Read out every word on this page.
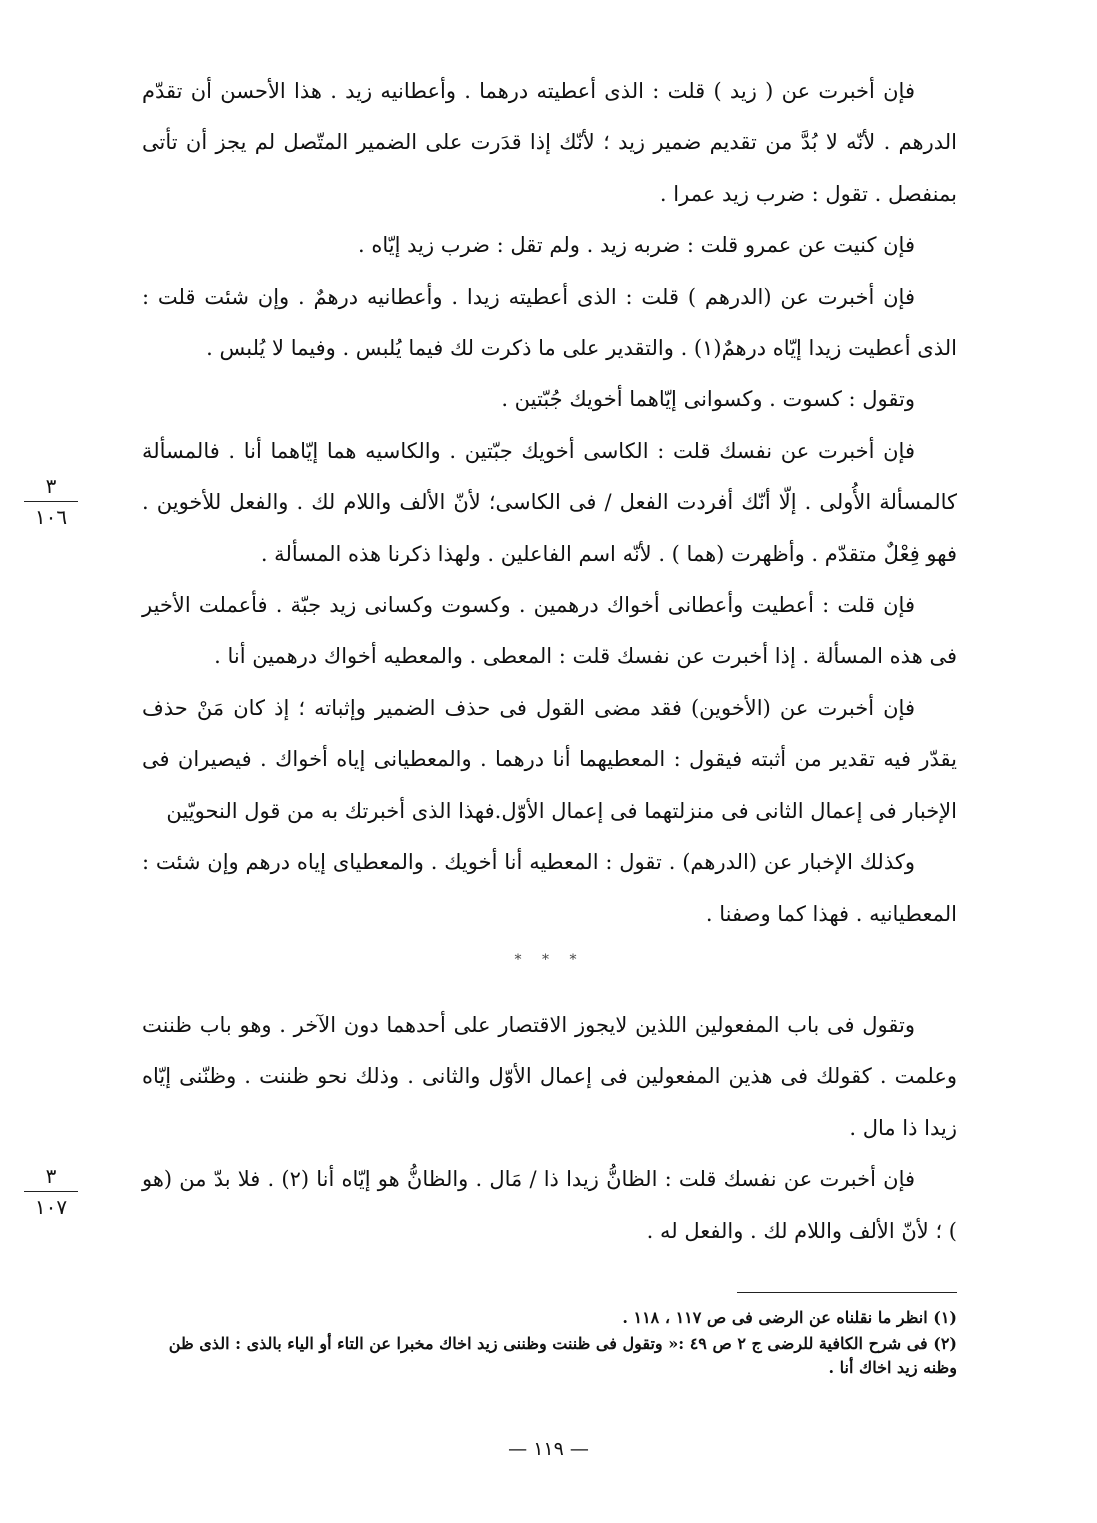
فإن أخبرت عن ( زيد ) قلت : الذى أعطيته درهما . وأعطانيه زيد . هذا الأحسن أن تقدّم الدرهم . لأنّه لا بُدَّ من تقديم ضمير زيد ؛ لأنّك إذا قدَرت على الضمير المتّصل لم يجز أن تأتى بمنفصل . تقول : ضرب زيد عمرا .

فإن كنيت عن عمرو قلت : ضربه زيد . ولم تقل : ضرب زيد إيّاه .

فإن أخبرت عن (الدرهم ) قلت : الذى أعطيته زيدا . وأعطانيه درهمٌ . وإن شئت قلت : الذى أعطيت زيدا إيّاه درهمٌ(١) . والتقدير على ما ذكرت لك فيما يُلبس . وفيما لا يُلبس .

وتقول : كسوت . وكسوانى إيّاهما أخويك جُبّتين .

فإن أخبرت عن نفسك قلت : الكاسى أخويك جبّتين . والكاسيه هما إيّاهما أنا . فالمسألة كالمسألة الأُولى . إلّا أنّك أفردت الفعل / فى الكاسى؛ لأنّ الألف واللام لك . والفعل للأخوين . فهو فِعْلٌ متقدّم . وأظهرت (هما ) . لأنّه اسم الفاعلين . ولهذا ذكرنا هذه المسألة .

فإن قلت : أعطيت وأعطانى أخواك درهمين . وكسوت وكسانى زيد جبّة . فأعملت الأخير فى هذه المسألة . إذا أخبرت عن نفسك قلت : المعطى . والمعطيه أخواك درهمين أنا .

فإن أخبرت عن (الأخوين) فقد مضى القول فى حذف الضمير وإثباته ؛ إذ كان مَنْ حذف يقدّر فيه تقدير من أثبته فيقول : المعطيهما أنا درهما . والمعطيانى إياه أخواك . فيصيران فى الإخبار فى إعمال الثانى فى منزلتهما فى إعمال الأوّل.فهذا الذى أخبرتك به من قول النحويّين

وكذلك الإخبار عن (الدرهم) . تقول : المعطيه أنا أخويك . والمعطياى إياه درهم وإن شئت : المعطيانيه . فهذا كما وصفنا .

* * *

وتقول فى باب المفعولين اللذين لايجوز الاقتصار على أحدهما دون الآخر . وهو باب ظننت وعلمت . كقولك فى هذين المفعولين فى إعمال الأوّل والثانى . وذلك نحو ظننت . وظنّنى إيّاه زيدا ذا مال .

فإن أخبرت عن نفسك قلت : الظانُّ زيدا ذا / مَال . والظانُّ هو إيّاه أنا (٢) . فلا بدّ من (هو ) ؛ لأنّ الألف واللام لك . والفعل له .

٣
١٠٦
٣
١٠٧

(١) انظر ما نقلناه عن الرضى فى ص ١١٧ ، ١١٨ .

(٢) فى شرح الكافية للرضى ج ٢ ص ٤٩ :« وتقول فى ظننت وظننى زيد اخاك مخبرا عن التاء أو الياء بالذى : الذى ظن وظنه زيد اخاك أنا .

— ١١٩ —
